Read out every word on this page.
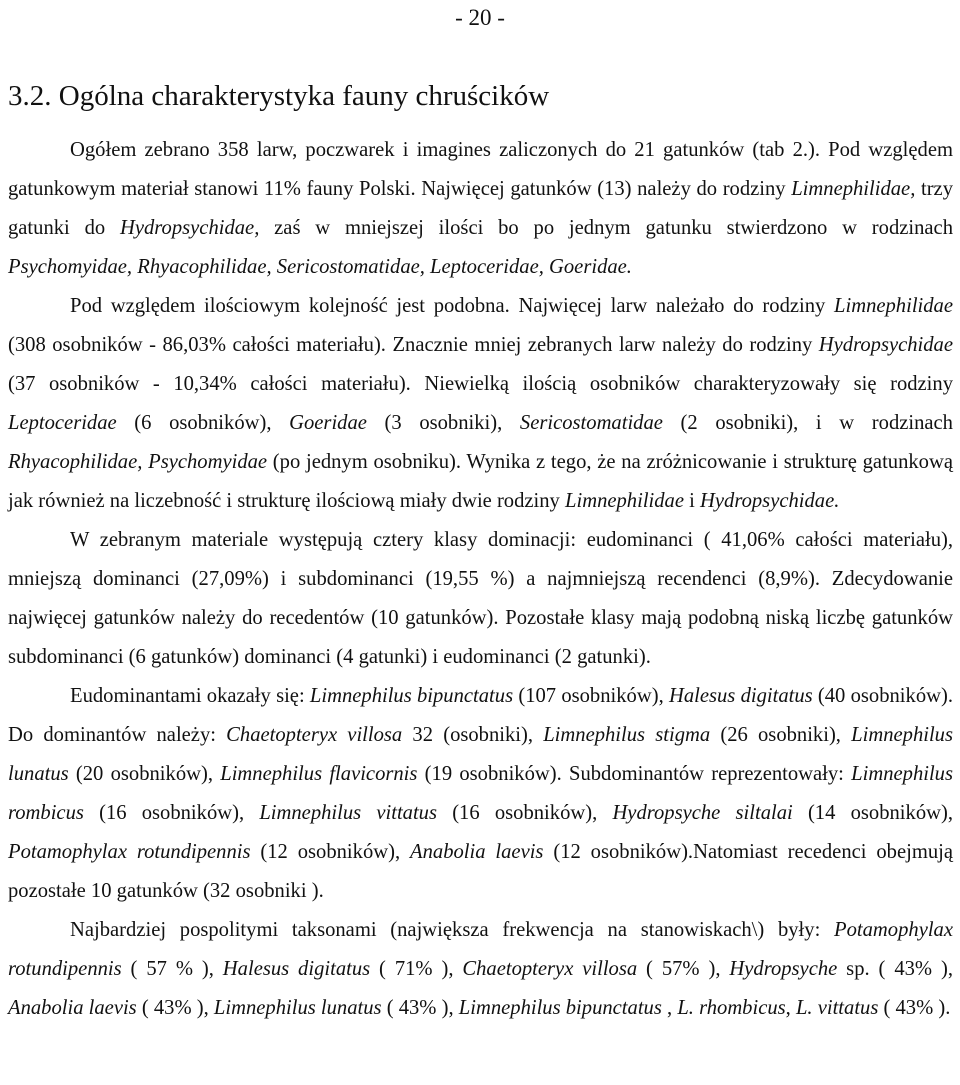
- 20 -
3.2. Ogólna charakterystyka fauny chruścików

Ogółem zebrano 358 larw, poczwarek i imagines zaliczonych do 21 gatunków (tab 2.). Pod względem gatunkowym materiał stanowi 11% fauny Polski. Najwięcej gatunków (13) należy do rodziny Limnephilidae, trzy gatunki do Hydropsychidae, zaś w mniejszej ilości bo po jednym gatunku stwierdzono w rodzinach Psychomyidae, Rhyacophilidae, Sericostomatidae, Leptoceridae, Goeridae.

Pod względem ilościowym kolejność jest podobna. Najwięcej larw należało do rodziny Limnephilidae (308 osobników - 86,03% całości materiału). Znacznie mniej zebranych larw należy do rodziny Hydropsychidae (37 osobników - 10,34% całości materiału). Niewielką ilością osobników charakteryzowały się rodziny Leptoceridae (6 osobników), Goeridae (3 osobniki), Sericostomatidae (2 osobniki), i w rodzinach Rhyacophilidae, Psychomyidae (po jednym osobniku). Wynika z tego, że na zróżnicowanie i strukturę gatunkową jak również na liczebność i strukturę ilościową miały dwie rodziny Limnephilidae i Hydropsychidae.

W zebranym materiale występują cztery klasy dominacji: eudominanci ( 41,06% całości materiału), mniejszą dominanci (27,09%) i subdominanci (19,55 %) a najmniejszą recendenci (8,9%). Zdecydowanie najwięcej gatunków należy do recedentów (10 gatunków). Pozostałe klasy mają podobną niską liczbę gatunków subdominanci (6 gatunków) dominanci (4 gatunki) i eudominanci (2 gatunki).

Eudominantami okazały się: Limnephilus bipunctatus (107 osobników), Halesus digitatus (40 osobników). Do dominantów należy: Chaetopteryx villosa 32 (osobniki), Limnephilus stigma (26 osobniki), Limnephilus lunatus (20 osobników), Limnephilus flavicornis (19 osobników). Subdominantów reprezentowały: Limnephilus rombicus (16 osobników), Limnephilus vittatus (16 osobników), Hydropsyche siltalai (14 osobników), Potamophylax rotundipennis (12 osobników), Anabolia laevis (12 osobników).Natomiast recedenci obejmują pozostałe 10 gatunków (32 osobniki ).

Najbardziej pospolitymi taksonami (największa frekwencja na stanowiskach\) były: Potamophylax rotundipennis ( 57 % ), Halesus digitatus ( 71% ), Chaetopteryx villosa ( 57% ), Hydropsyche sp. ( 43% ), Anabolia laevis ( 43% ), Limnephilus lunatus ( 43% ), Limnephilus bipunctatus , L. rhombicus, L. vittatus ( 43% ).
